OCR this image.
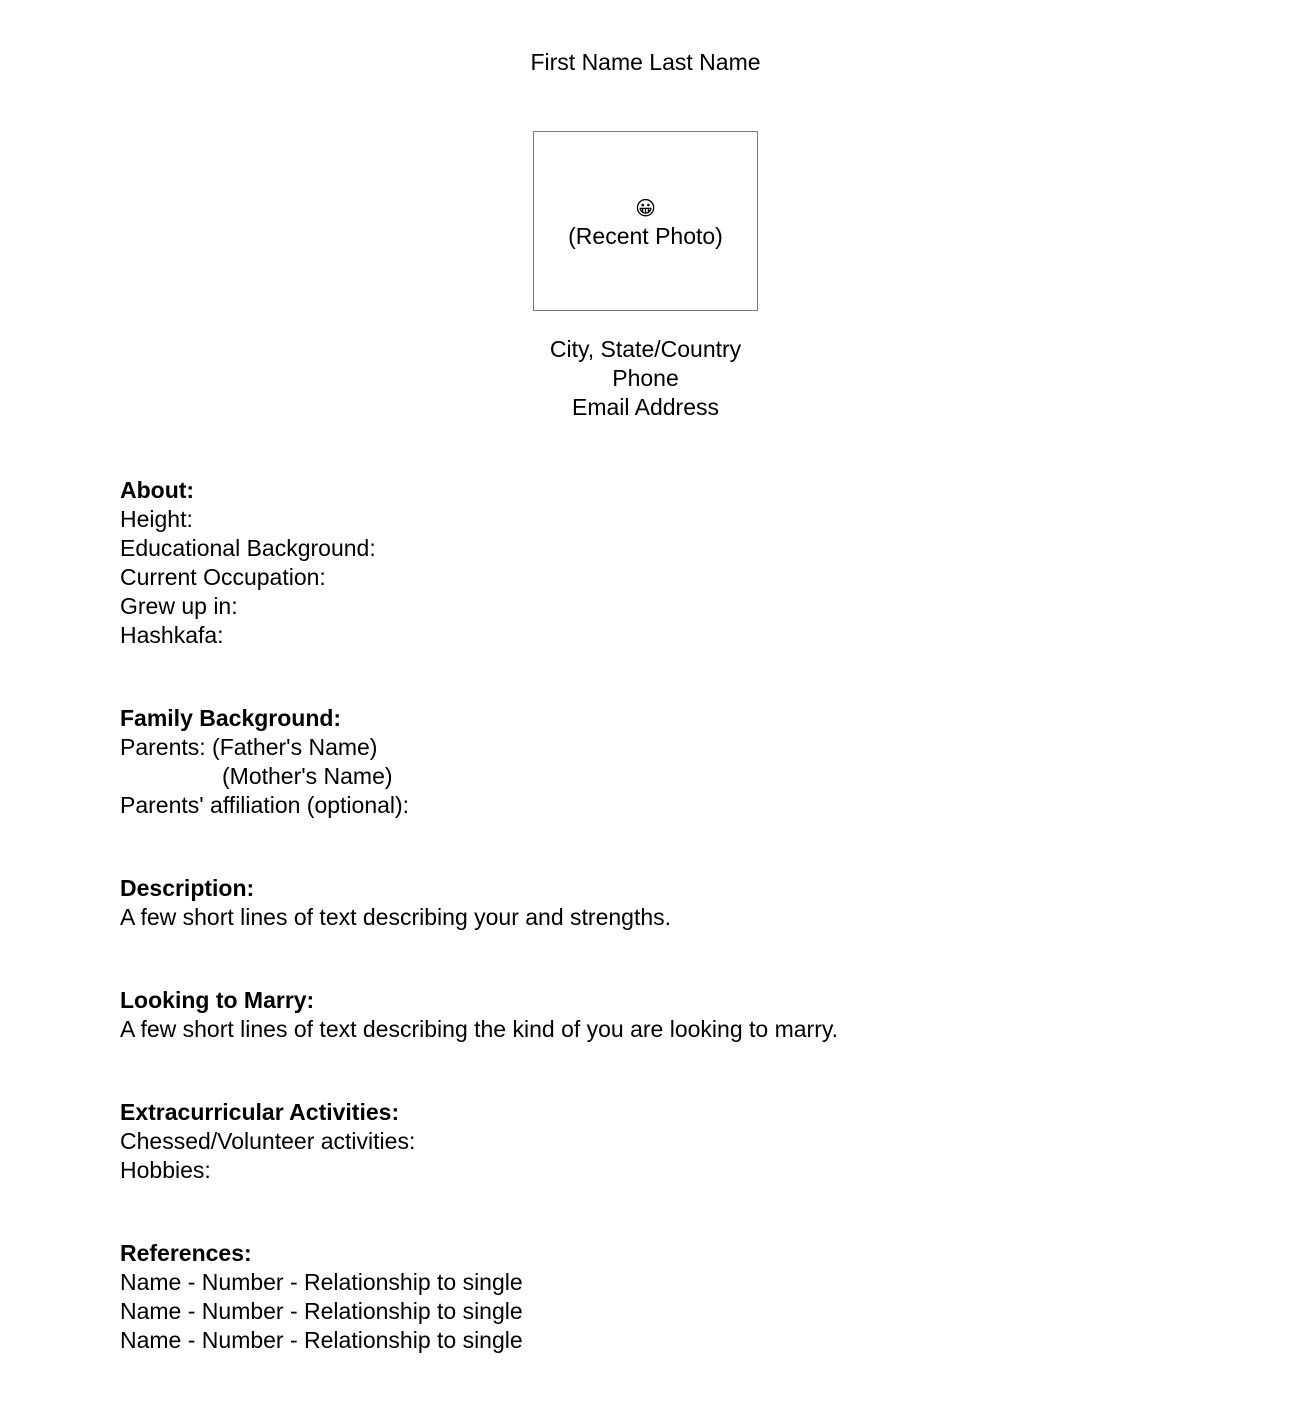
First Name Last Name
😀
(Recent Photo)
City, State/Country
Phone
Email Address
About:
Height:
Educational Background:
Current Occupation:
Grew up in:
Hashkafa:
Family Background:
Parents: (Father's Name)
(Mother's Name)
Parents' affiliation (optional):
Description:
A few short lines of text describing your and strengths.
Looking to Marry:
A few short lines of text describing the kind of you are looking to marry.
Extracurricular Activities:
Chessed/Volunteer activities:
Hobbies:
References:
Name - Number - Relationship to single
Name - Number - Relationship to single
Name - Number - Relationship to single
